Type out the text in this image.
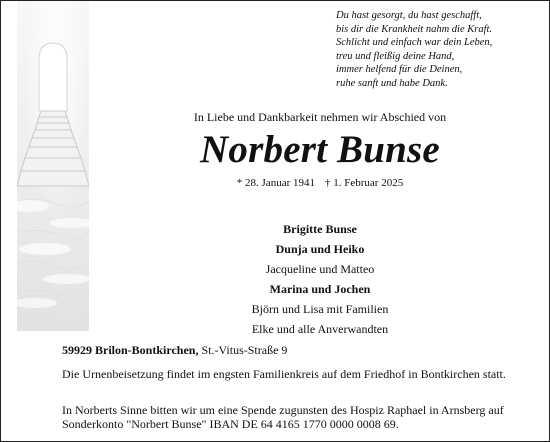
Du hast gesorgt, du hast geschafft,
bis dir die Krankheit nahm die Kraft.
Schlicht und einfach war dein Leben,
treu und fleißig deine Hand,
immer helfend für die Deinen,
ruhe sanft und habe Dank.
In Liebe und Dankbarkeit nehmen wir Abschied von
Norbert Bunse
* 28. Januar 1941 † 1. Februar 2025
Brigitte Bunse
Dunja und Heiko
Jacqueline und Matteo
Marina und Jochen
Björn und Lisa mit Familien
Elke und alle Anverwandten
59929 Brilon-Bontkirchen, St.-Vitus-Straße 9
Die Urnenbeisetzung findet im engsten Familienkreis auf dem Friedhof in Bontkirchen statt.
In Norberts Sinne bitten wir um eine Spende zugunsten des Hospiz Raphael in Arnsberg auf Sonderkonto "Norbert Bunse" IBAN DE 64 4165 1770 0000 0008 69.
